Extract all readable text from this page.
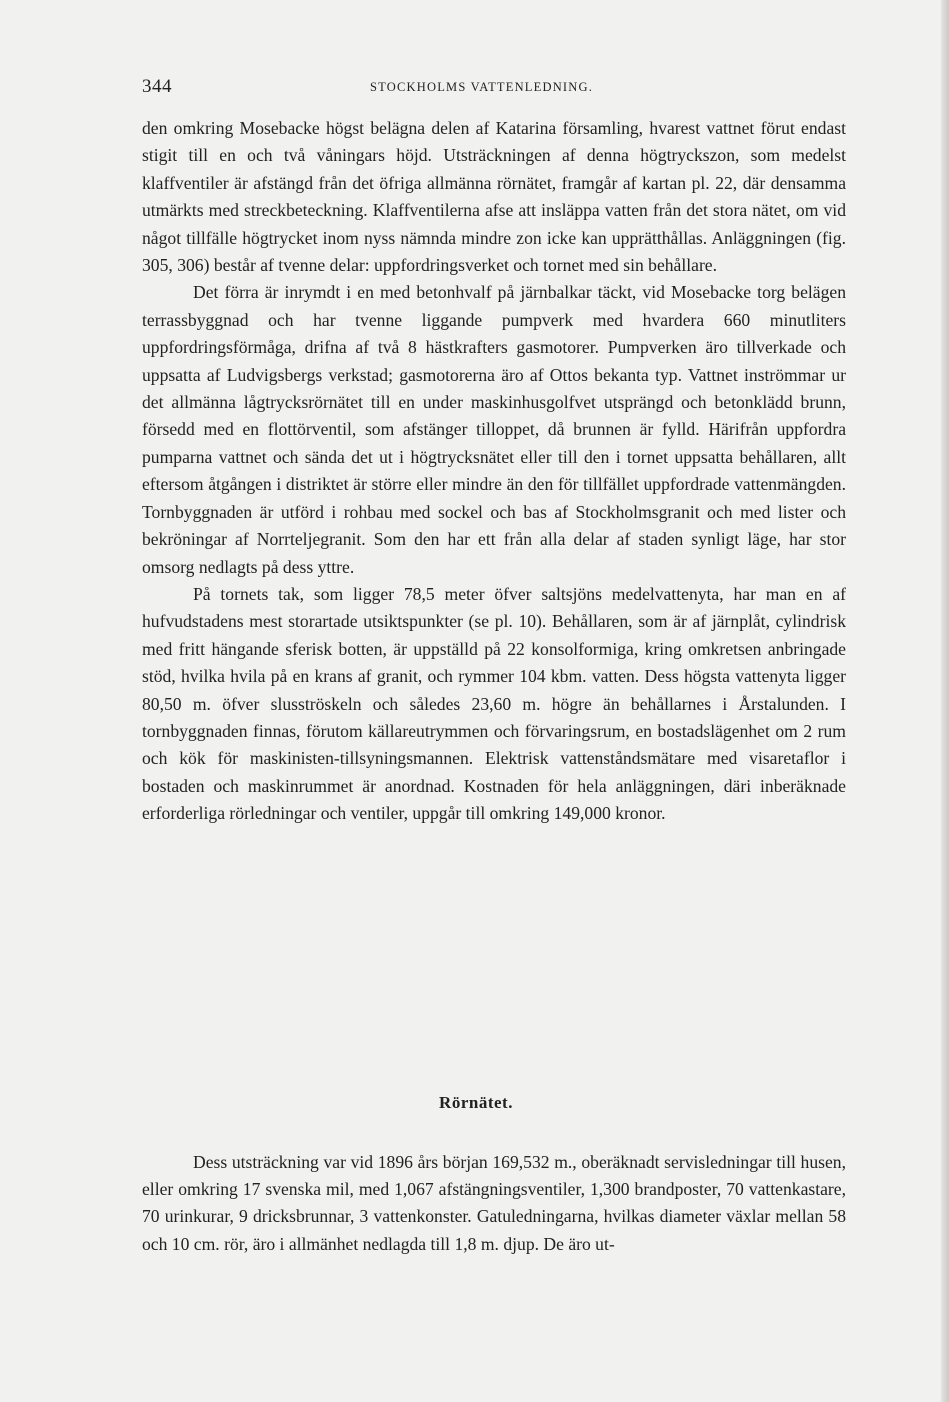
344	STOCKHOLMS VATTENLEDNING.

den omkring Mosebacke högst belägna delen af Katarina församling, hvarest vattnet förut endast stigit till en och två våningars höjd. Utsträckningen af denna högtryckszon, som medelst klaffventiler är afstängd från det öfriga allmänna rörnätet, framgår af kartan pl. 22, där densamma utmärkts med streckbeteckning. Klaffventilerna afse att insläppa vatten från det stora nätet, om vid något tillfälle högtrycket inom nyss nämnda mindre zon icke kan upprätthållas. Anläggningen (fig. 305, 306) består af tvenne delar: uppfordringsverket och tornet med sin behållare.

Det förra är inrymdt i en med betonhvalf på järnbalkar täckt, vid Mosebacke torg belägen terrassbyggnad och har tvenne liggande pumpverk med hvardera 660 minutliters uppfordringsförmåga, drifna af två 8 hästkrafters gasmotorer. Pumpverken äro tillverkade och uppsatta af Ludvigsbergs verkstad; gasmotorerna äro af Ottos bekanta typ. Vattnet inströmmar ur det allmänna lågtrycksrörnätet till en under maskinhusgolfvet utsprängd och betonklädd brunn, försedd med en flottörventil, som afstänger tilloppet, då brunnen är fylld. Härifrån uppfordra pumparna vattnet och sända det ut i högtrycksnätet eller till den i tornet uppsatta behållaren, allt eftersom åtgången i distriktet är större eller mindre än den för tillfället uppfordrade vattenmängden. Tornbyggnaden är utförd i rohbau med sockel och bas af Stockholmsgranit och med lister och bekröningar af Norrteljegranit. Som den har ett från alla delar af staden synligt läge, har stor omsorg nedlagts på dess yttre.

På tornets tak, som ligger 78,5 meter öfver saltsjöns medelvattenyta, har man en af hufvudstadens mest storartade utsiktspunkter (se pl. 10). Behållaren, som är af järnplåt, cylindrisk med fritt hängande sferisk botten, är uppställd på 22 konsolformiga, kring omkretsen anbringade stöd, hvilka hvila på en krans af granit, och rymmer 104 kbm. vatten. Dess högsta vattenyta ligger 80,50 m. öfver slusströskeln och således 23,60 m. högre än behållarnes i Årstalunden. I tornbyggnaden finnas, förutom källareutrymmen och förvaringsrum, en bostadslägenhet om 2 rum och kök för maskinisten-tillsyningsmannen. Elektrisk vattenståndsmätare med visaretaflor i bostaden och maskinrummet är anordnad. Kostnaden för hela anläggningen, däri inberäknade erforderliga rörledningar och ventiler, uppgår till omkring 149,000 kronor.

Rörnätet.

Dess utsträckning var vid 1896 års början 169,532 m., oberäknadt servisledningar till husen, eller omkring 17 svenska mil, med 1,067 afstängningsventiler, 1,300 brandposter, 70 vattenkastare, 70 urinkurar, 9 dricksbrunnar, 3 vattenkonster. Gatuledningarna, hvilkas diameter växlar mellan 58 och 10 cm. rör, äro i allmänhet nedlagda till 1,8 m. djup. De äro ut-
